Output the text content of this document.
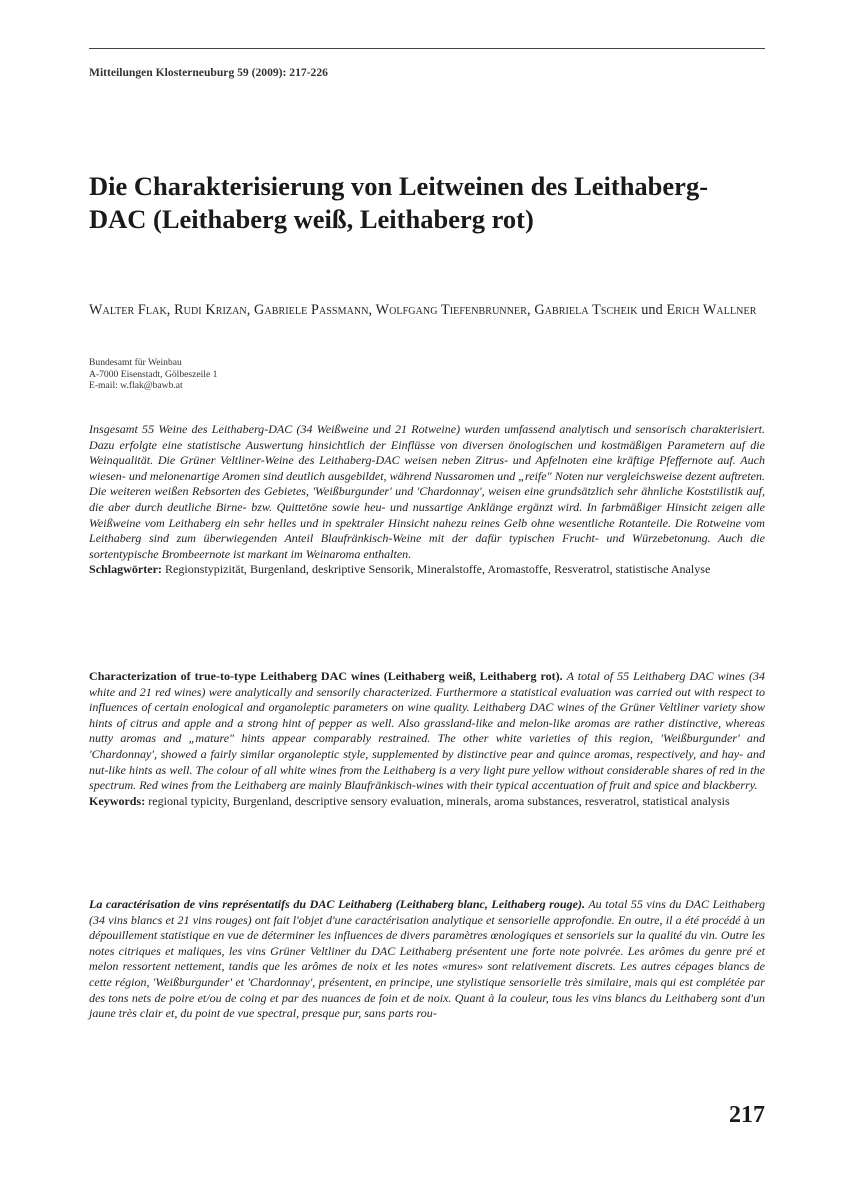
Mitteilungen Klosterneuburg 59 (2009): 217-226
Die Charakterisierung von Leitweinen des Leithaberg-DAC (Leithaberg weiß, Leithaberg rot)

Walter Flak, Rudi Krizan, Gabriele Passmann, Wolfgang Tiefenbrunner, Gabriela Tscheik und Erich Wallner

Bundesamt für Weinbau
A-7000 Eisenstadt, Gölbeszeile 1
E-mail: w.flak@bawb.at

Insgesamt 55 Weine des Leithaberg-DAC (34 Weißweine und 21 Rotweine) wurden umfassend analytisch und sensorisch charakterisiert. Dazu erfolgte eine statistische Auswertung hinsichtlich der Einflüsse von diversen önologischen und kostmäßigen Parametern auf die Weinqualität. Die Grüner Veltliner-Weine des Leithaberg-DAC weisen neben Zitrus- und Apfelnoten eine kräftige Pfeffernote auf. Auch wiesen- und melonenartige Aromen sind deutlich ausgebildet, während Nussaromen und „reife" Noten nur vergleichsweise dezent auftreten. Die weiteren weißen Rebsorten des Gebietes, 'Weißburgunder' und 'Chardonnay', weisen eine grundsätzlich sehr ähnliche Koststilistik auf, die aber durch deutliche Birne- bzw. Quittetöne sowie heu- und nussartige Anklänge ergänzt wird. In farbmäßiger Hinsicht zeigen alle Weißweine vom Leithaberg ein sehr helles und in spektraler Hinsicht nahezu reines Gelb ohne wesentliche Rotanteile. Die Rotweine vom Leithaberg sind zum überwiegenden Anteil Blaufränkisch-Weine mit der dafür typischen Frucht- und Würzebetonung. Auch die sortentypische Brombeernote ist markant im Weinaroma enthalten.

Schlagwörter: Regionstypizität, Burgenland, deskriptive Sensorik, Mineralstoffe, Aromastoffe, Resveratrol, statistische Analyse

Characterization of true-to-type Leithaberg DAC wines (Leithaberg weiß, Leithaberg rot). A total of 55 Leithaberg DAC wines (34 white and 21 red wines) were analytically and sensorily characterized. Furthermore a statistical evaluation was carried out with respect to influences of certain enological and organoleptic parameters on wine quality. Leithaberg DAC wines of the Grüner Veltliner variety show hints of citrus and apple and a strong hint of pepper as well. Also grassland-like and melon-like aromas are rather distinctive, whereas nutty aromas and „mature" hints appear comparably restrained. The other white varieties of this region, 'Weißburgunder' and 'Chardonnay', showed a fairly similar organoleptic style, supplemented by distinctive pear and quince aromas, respectively, and hay- and nut-like hints as well. The colour of all white wines from the Leithaberg is a very light pure yellow without considerable shares of red in the spectrum. Red wines from the Leithaberg are mainly Blaufränkisch-wines with their typical accentuation of fruit and spice and blackberry.

Keywords: regional typicity, Burgenland, descriptive sensory evaluation, minerals, aroma substances, resveratrol, statistical analysis

La caractérisation de vins représentatifs du DAC Leithaberg (Leithaberg blanc, Leithaberg rouge). Au total 55 vins du DAC Leithaberg (34 vins blancs et 21 vins rouges) ont fait l'objet d'une caractérisation analytique et sensorielle approfondie. En outre, il a été procédé à un dépouillement statistique en vue de déterminer les influences de divers paramètres œnologiques et sensoriels sur la qualité du vin. Outre les notes citriques et maliques, les vins Grüner Veltliner du DAC Leithaberg présentent une forte note poivrée. Les arômes du genre pré et melon ressortent nettement, tandis que les arômes de noix et les notes «mures» sont relativement discrets. Les autres cépages blancs de cette région, 'Weißburgunder' et 'Chardonnay', présentent, en principe, une stylistique sensorielle très similaire, mais qui est complétée par des tons nets de poire et/ou de coing et par des nuances de foin et de noix. Quant à la couleur, tous les vins blancs du Leithaberg sont d'un jaune très clair et, du point de vue spectral, presque pur, sans parts rou-

217
